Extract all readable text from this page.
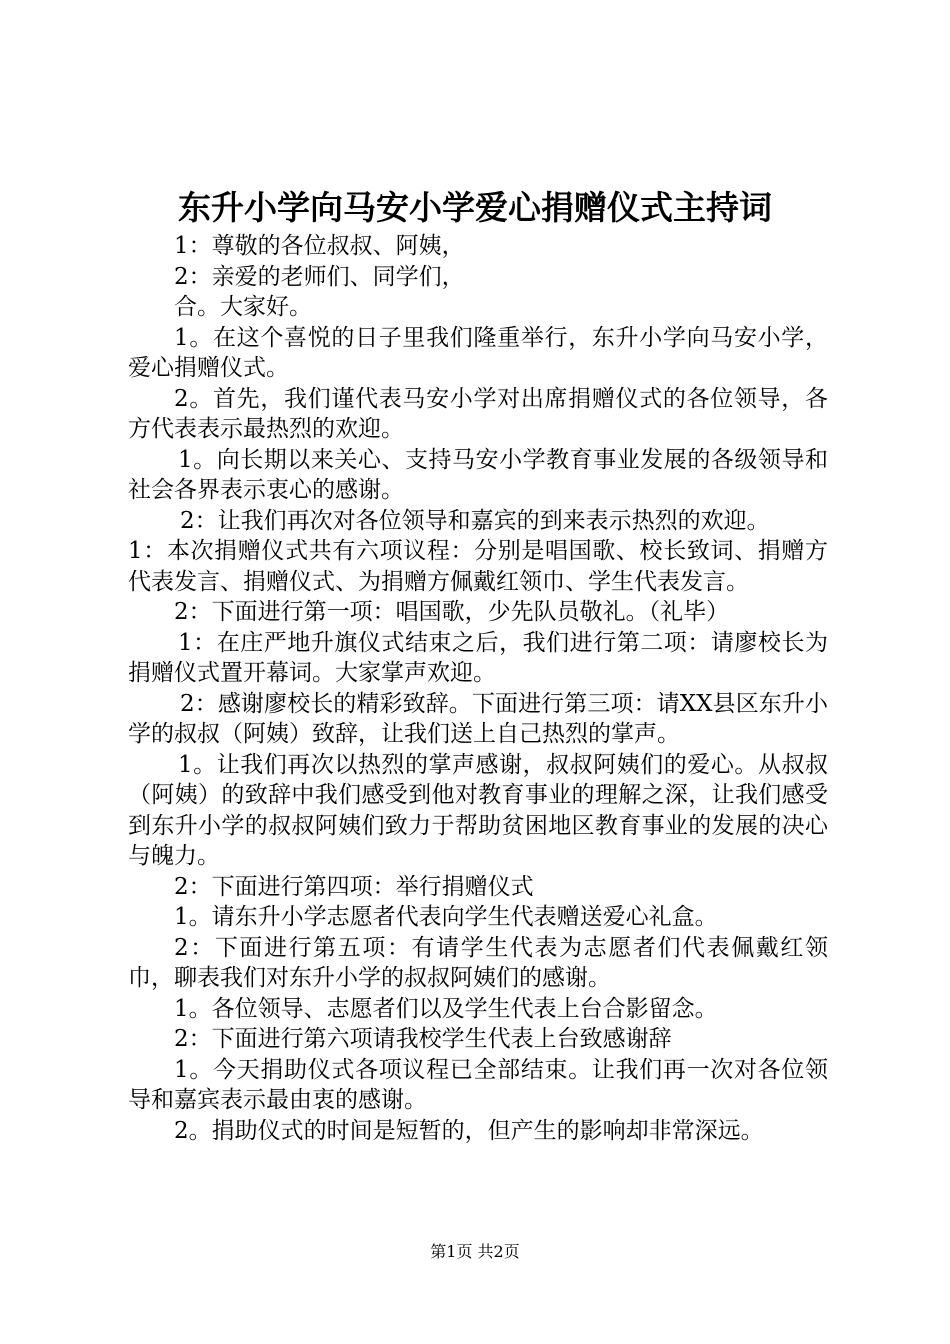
东升小学向马安小学爱心捐赠仪式主持词

1：尊敬的各位叔叔、阿姨，

2：亲爱的老师们、同学们，

合。大家好。

1。在这个喜悦的日子里我们隆重举行，东升小学向马安小学，爱心捐赠仪式。

2。首先，我们谨代表马安小学对出席捐赠仪式的各位领导，各方代表表示最热烈的欢迎。

1。向长期以来关心、支持马安小学教育事业发展的各级领导和社会各界表示衷心的感谢。

2：让我们再次对各位领导和嘉宾的到来表示热烈的欢迎。

1：本次捐赠仪式共有六项议程：分别是唱国歌、校长致词、捐赠方代表发言、捐赠仪式、为捐赠方佩戴红领巾、学生代表发言。

2：下面进行第一项：唱国歌，少先队员敬礼。（礼毕）

1：在庄严地升旗仪式结束之后，我们进行第二项：请廖校长为捐赠仪式置开幕词。大家掌声欢迎。

2：感谢廖校长的精彩致辞。下面进行第三项：请XX县区东升小学的叔叔（阿姨）致辞，让我们送上自己热烈的掌声。

1。让我们再次以热烈的掌声感谢，叔叔阿姨们的爱心。从叔叔（阿姨）的致辞中我们感受到他对教育事业的理解之深，让我们感受到东升小学的叔叔阿姨们致力于帮助贫困地区教育事业的发展的决心与魄力。

2：下面进行第四项：举行捐赠仪式

1。请东升小学志愿者代表向学生代表赠送爱心礼盒。

2：下面进行第五项：有请学生代表为志愿者们代表佩戴红领巾，聊表我们对东升小学的叔叔阿姨们的感谢。

1。各位领导、志愿者们以及学生代表上台合影留念。

2：下面进行第六项请我校学生代表上台致感谢辞

1。今天捐助仪式各项议程已全部结束。让我们再一次对各位领导和嘉宾表示最由衷的感谢。

2。捐助仪式的时间是短暂的，但产生的影响却非常深远。

第1页 共2页
